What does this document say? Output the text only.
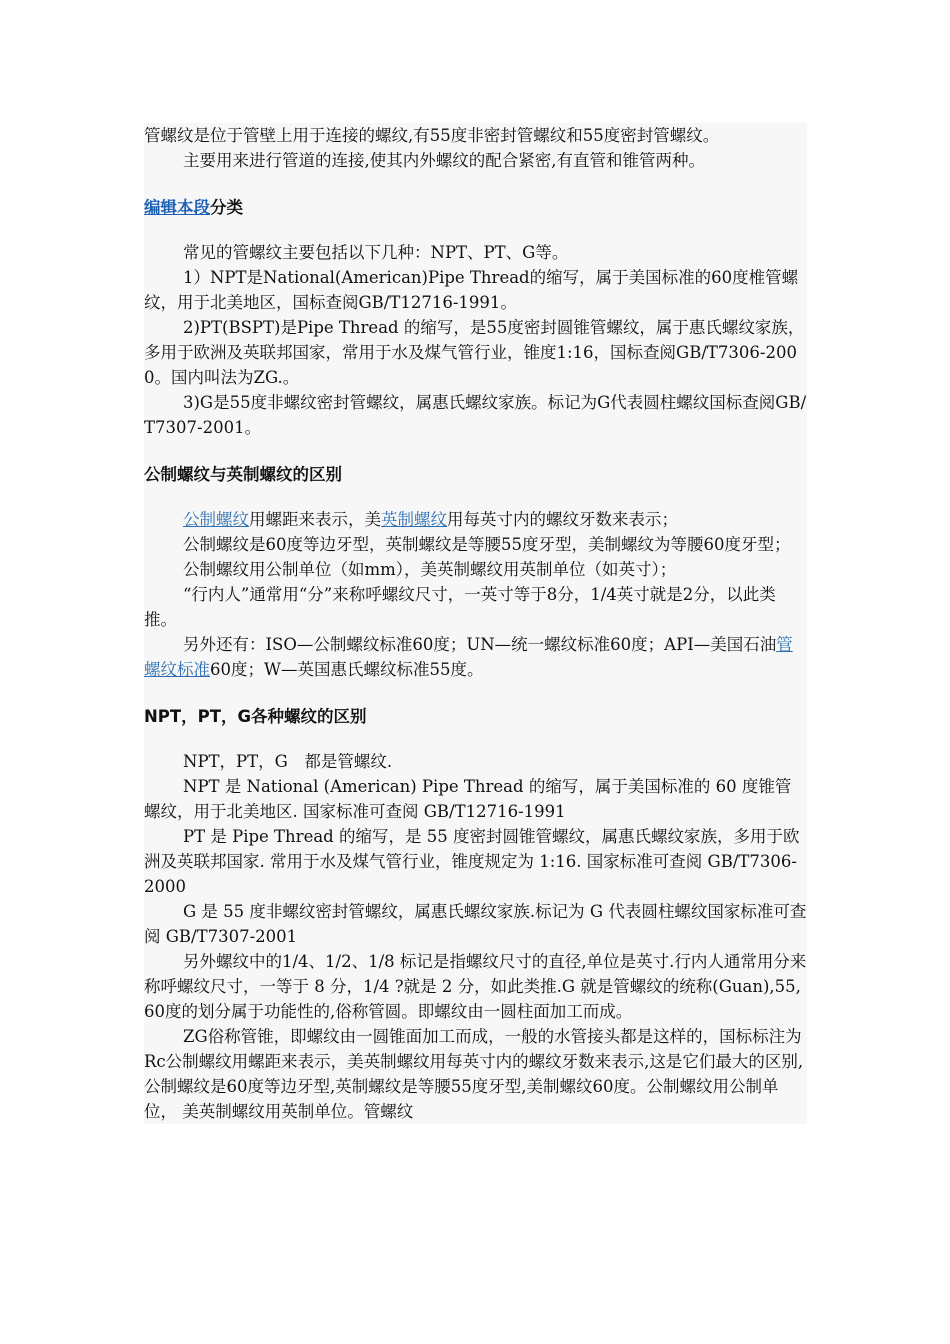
管螺纹是位于管壁上用于连接的螺纹,有55度非密封管螺纹和55度密封管螺纹。

主要用来进行管道的连接,使其内外螺纹的配合紧密,有直管和锥管两种。

编辑本段分类

常见的管螺纹主要包括以下几种：NPT、PT、G等。

1）NPT是National(American)Pipe Thread的缩写，属于美国标准的60度椎管螺纹，用于北美地区，国标查阅GB/T12716-1991。

2)PT(BSPT)是Pipe Thread 的缩写，是55度密封圆锥管螺纹，属于惠氏螺纹家族，多用于欧洲及英联邦国家，常用于水及煤气管行业，锥度1:16，国标查阅GB/T7306-2000。国内叫法为ZG.。

3)G是55度非螺纹密封管螺纹，属惠氏螺纹家族。标记为G代表圆柱螺纹国标查阅GB/T7307-2001。

公制螺纹与英制螺纹的区别

公制螺纹用螺距来表示，美英制螺纹用每英寸内的螺纹牙数来表示；

公制螺纹是60度等边牙型，英制螺纹是等腰55度牙型，美制螺纹为等腰60度牙型；

公制螺纹用公制单位（如mm），美英制螺纹用英制单位（如英寸）；

“行内人”通常用“分”来称呼螺纹尺寸，一英寸等于8分，1/4英寸就是2分，以此类推。

另外还有：ISO—公制螺纹标准60度；UN—统一螺纹标准60度；API—美国石油管螺纹标准60度；W—英国惠氏螺纹标准55度。

NPT，PT，G各种螺纹的区别

NPT，PT，G　都是管螺纹.

NPT 是 National (American) Pipe Thread 的缩写，属于美国标准的 60 度锥管螺纹，用于北美地区. 国家标准可查阅 GB/T12716-1991

PT 是 Pipe Thread 的缩写，是 55 度密封圆锥管螺纹，属惠氏螺纹家族，多用于欧洲及英联邦国家. 常用于水及煤气管行业，锥度规定为 1:16. 国家标准可查阅 GB/T7306-2000

G 是 55 度非螺纹密封管螺纹，属惠氏螺纹家族.标记为 G 代表圆柱螺纹国家标准可查阅 GB/T7307-2001

另外螺纹中的1/4、1/2、1/8 标记是指螺纹尺寸的直径,单位是英寸.行内人通常用分来称呼螺纹尺寸，一等于 8 分，1/4 ?就是 2 分，如此类推.G 就是管螺纹的统称(Guan),55,60度的划分属于功能性的,俗称管圆。即螺纹由一圆柱面加工而成。

ZG俗称管锥，即螺纹由一圆锥面加工而成，一般的水管接头都是这样的，国标标注为Rc公制螺纹用螺距来表示，美英制螺纹用每英寸内的螺纹牙数来表示,这是它们最大的区别,公制螺纹是60度等边牙型,英制螺纹是等腰55度牙型,美制螺纹60度。公制螺纹用公制单位， 美英制螺纹用英制单位。管螺纹
